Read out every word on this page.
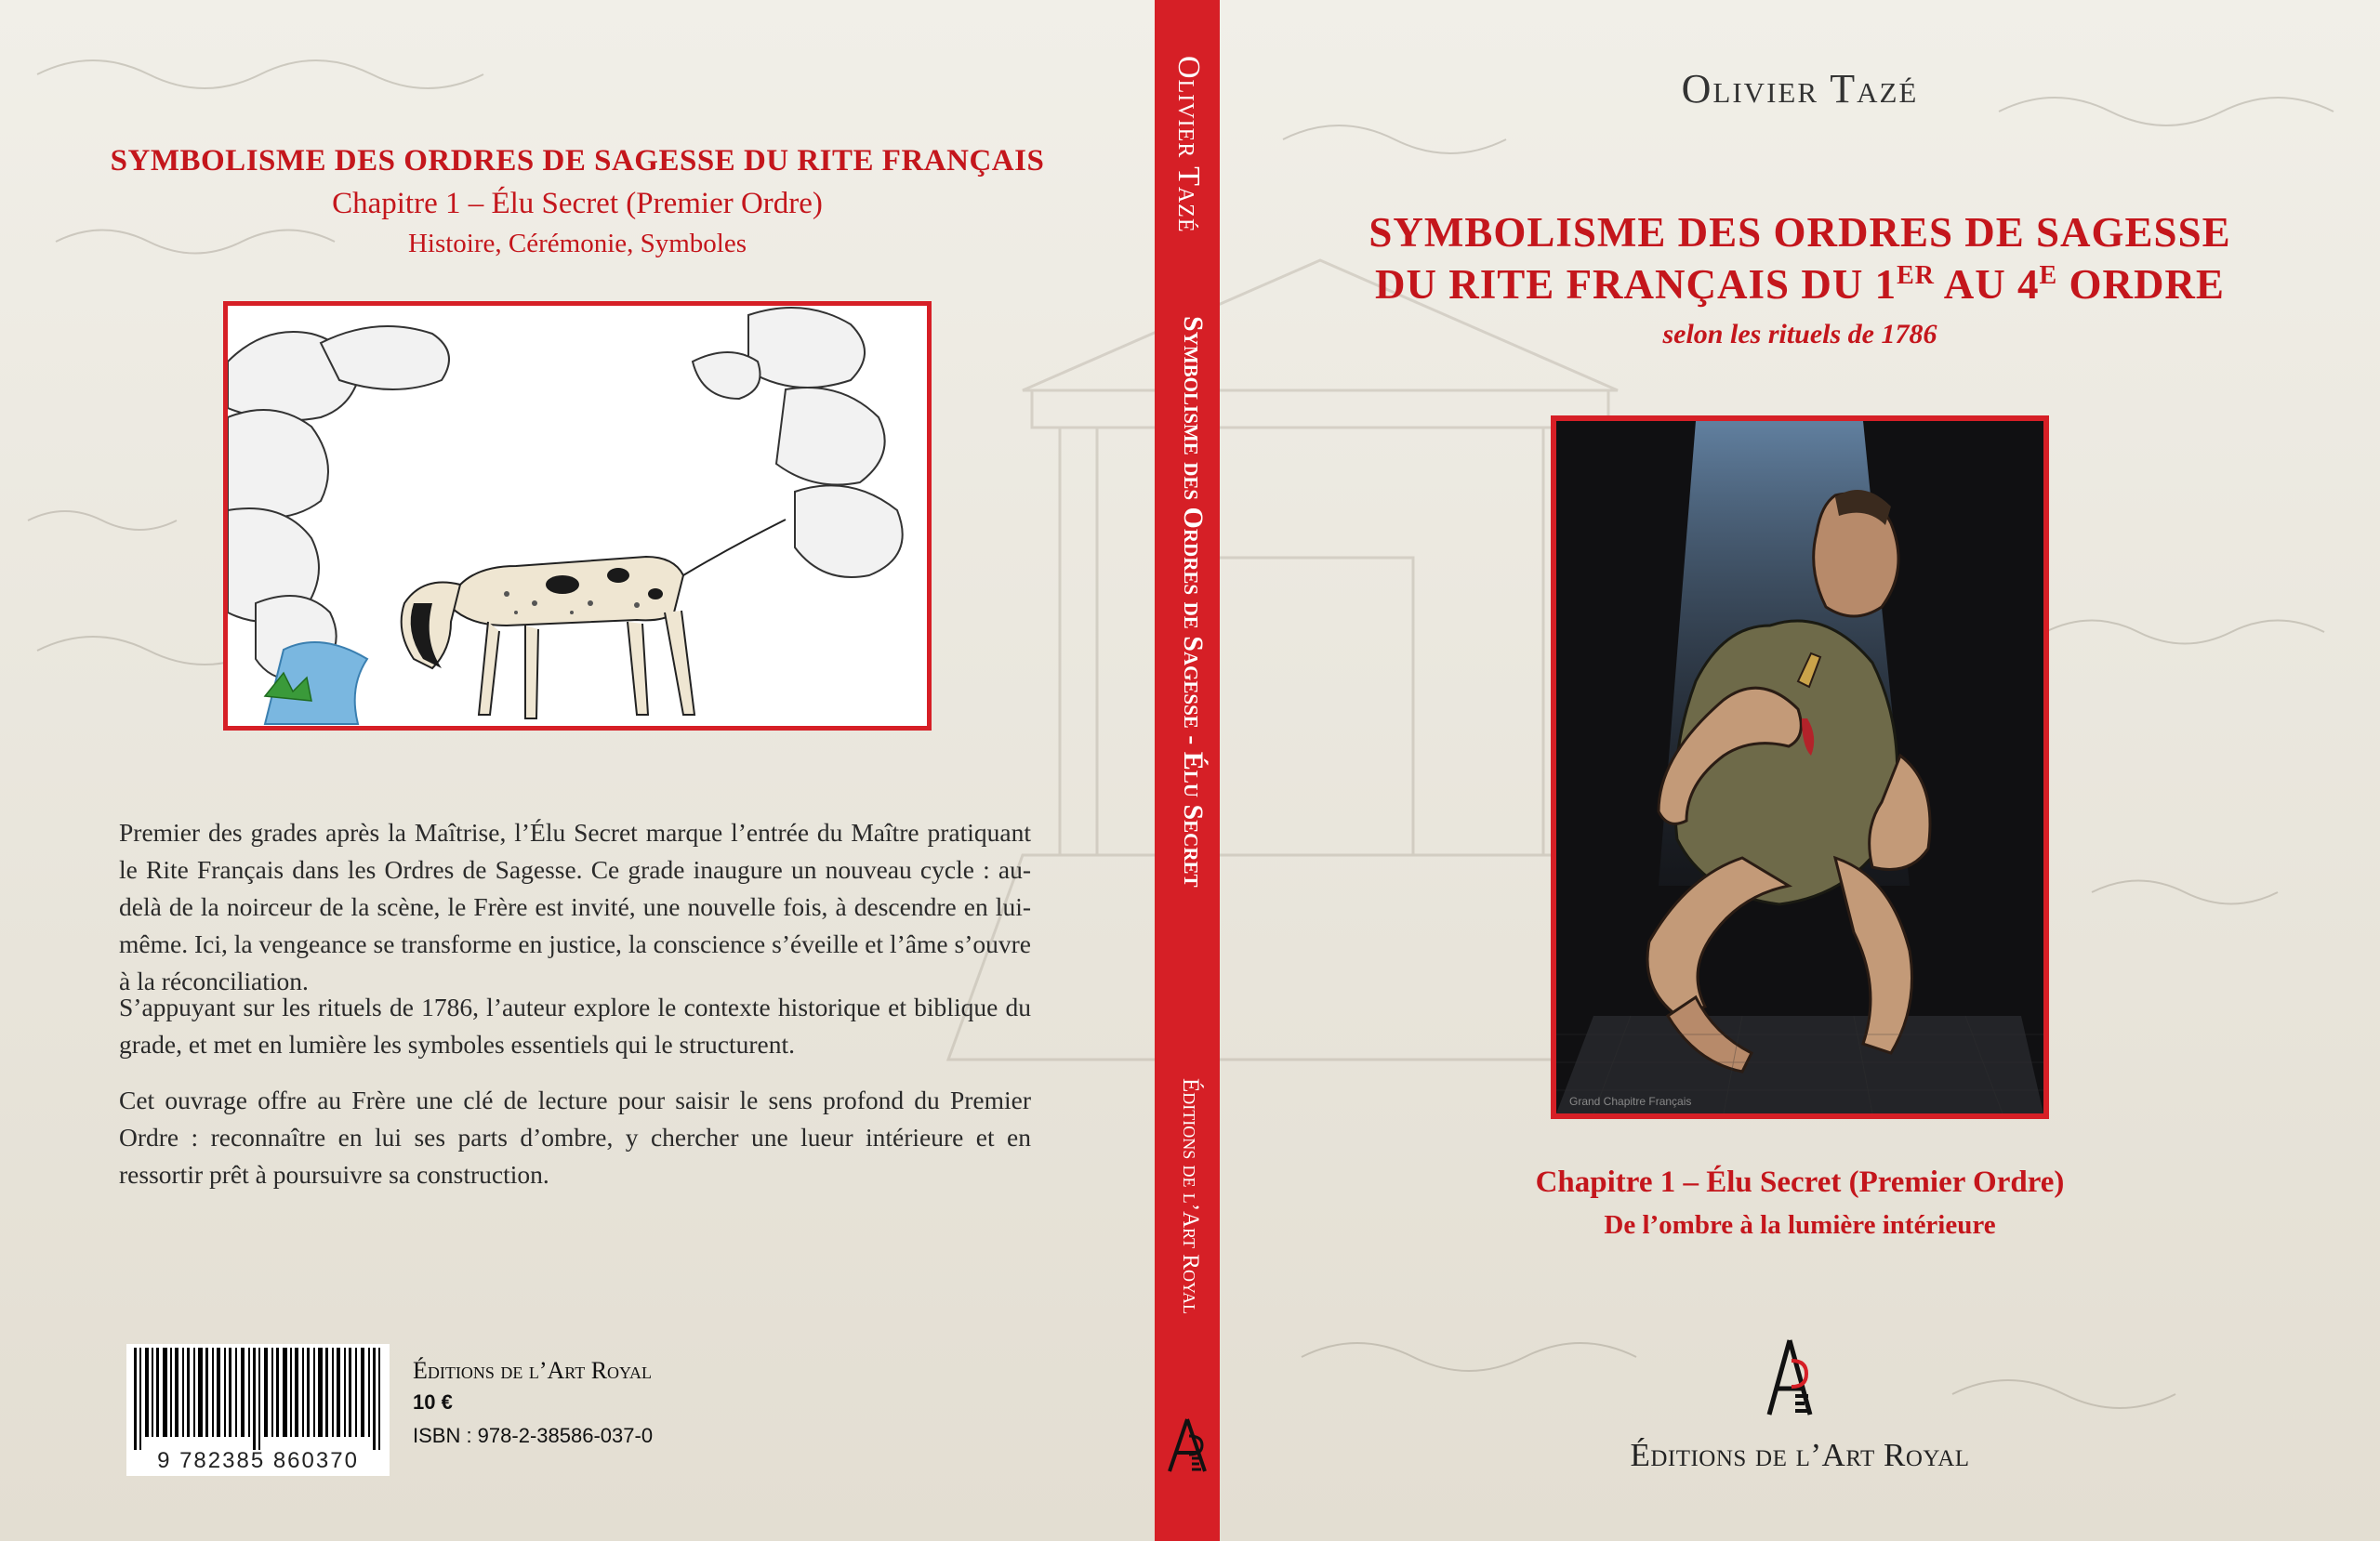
SYMBOLISME DES ORDRES DE SAGESSE DU RITE FRANÇAIS
Chapitre 1 – Élu Secret (Premier Ordre)
Histoire, Cérémonie, Symboles

Premier des grades après la Maîtrise, l’Élu Secret marque l’entrée du Maître pratiquant le Rite Français dans les Ordres de Sagesse. Ce grade inaugure un nouveau cycle : au-delà de la noirceur de la scène, le Frère est invité, une nouvelle fois, à descendre en lui-même. Ici, la vengeance se transforme en justice, la conscience s’éveille et l’âme s’ouvre à la réconciliation.

S’appuyant sur les rituels de 1786, l’auteur explore le contexte historique et biblique du grade, et met en lumière les symboles essentiels qui le structurent.

Cet ouvrage offre au Frère une clé de lecture pour saisir le sens profond du Premier Ordre : reconnaître en lui ses parts d’ombre, y chercher une lueur intérieure et en ressortir prêt à poursuivre sa construction.

9 782385 860370

Éditions de l’Art Royal

10 €

ISBN : 978-2-38586-037-0

Olivier Tazé
Symbolisme des Ordres de Sagesse - Élu Secret
Éditions de l’Art Royal
Olivier Tazé
SYMBOLISME DES ORDRES DE SAGESSE
DU RITE FRANÇAIS DU 1ER AU $4^E$ ORDRE
selon les rituels de 1786
Grand Chapitre Français
Chapitre 1 – Élu Secret (Premier Ordre)
De l’ombre à la lumière intérieure
Éditions de l’Art Royal
